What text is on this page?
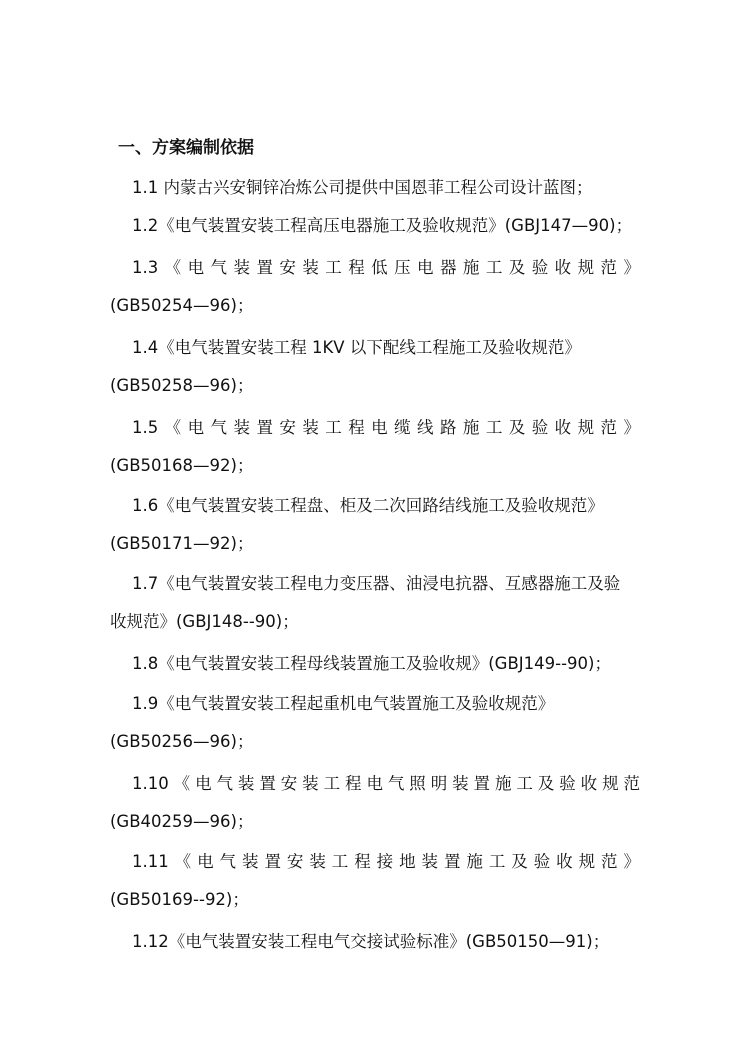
一、方案编制依据
1.1 内蒙古兴安铜锌冶炼公司提供中国恩菲工程公司设计蓝图；
1.2《电气装置安装工程高压电器施工及验收规范》(GBJ147—90)；
1.3《电气装置安装工程低压电器施工及验收规范》
(GB50254—96)；
1.4《电气装置安装工程 1KV 以下配线工程施工及验收规范》
(GB50258—96)；
1.5《电气装置安装工程电缆线路施工及验收规范》
(GB50168—92)；
1.6《电气装置安装工程盘、柜及二次回路结线施工及验收规范》
(GB50171—92)；
1.7《电气装置安装工程电力变压器、油浸电抗器、互感器施工及验
收规范》(GBJ148--90)；
1.8《电气装置安装工程母线装置施工及验收规》(GBJ149--90)；
1.9《电气装置安装工程起重机电气装置施工及验收规范》
(GB50256—96)；
1.10《电气装置安装工程电气照明装置施工及验收规范
(GB40259—96)；
1.11《电气装置安装工程接地装置施工及验收规范》
(GB50169--92)；
1.12《电气装置安装工程电气交接试验标准》(GB50150—91)；
